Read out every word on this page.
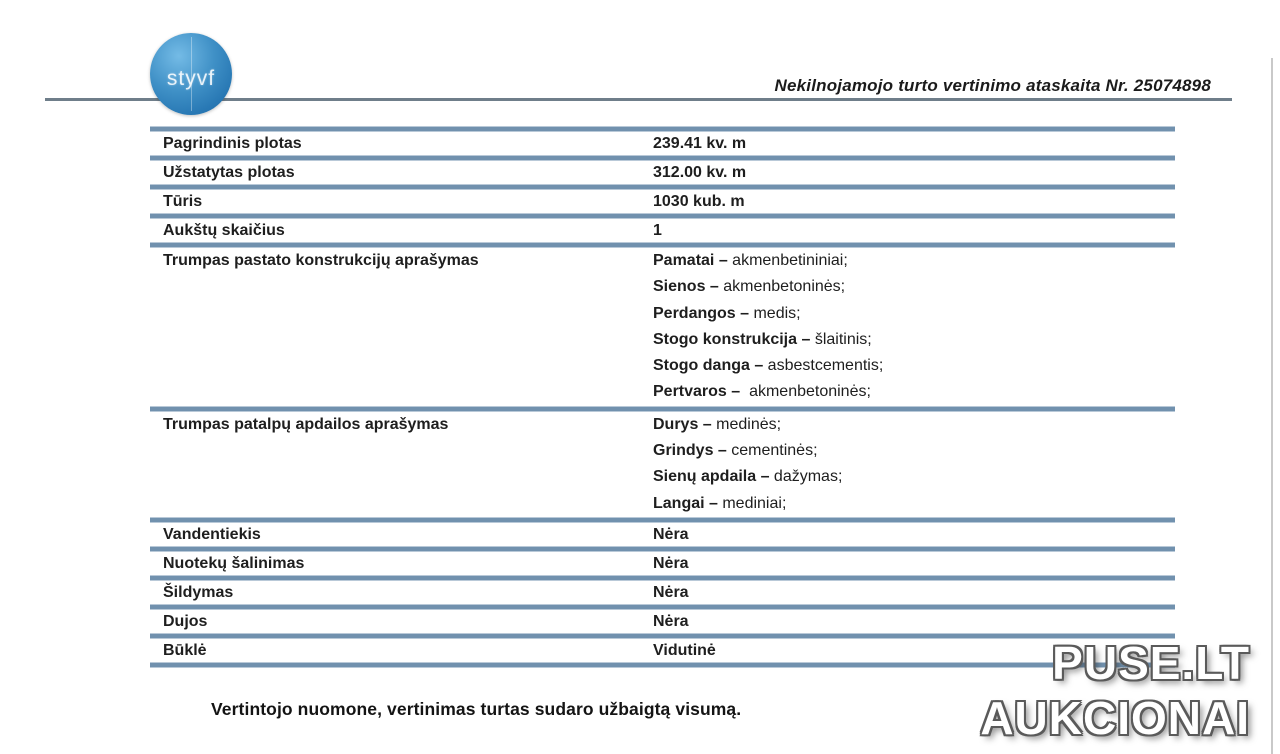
styvf	Nekilnojamojo turto vertinimo ataskaita Nr. 25074898
Pagrindinis plotas	239.41 kv. m
Užstatytas plotas	312.00 kv. m
Tūris	1030 kub. m
Aukštų skaičius	1
Trumpas pastato konstrukcijų aprašymas	Pamatai – akmenbetininiai;
Sienos – akmenbetoninės;
Perdangos – medis;
Stogo konstrukcija – šlaitinis;
Stogo danga – asbestcementis;
Pertvaros –  akmenbetoninės;
Trumpas patalpų apdailos aprašymas	Durys – medinės;
Grindys – cementinės;
Sienų apdaila – dažymas;
Langai – mediniai;
Vandentiekis	Nėra
Nuotekų šalinimas	Nėra
Šildymas	Nėra
Dujos	Nėra
Būklė	Vidutinė
Vertintojo nuomone, vertinimas turtas sudaro užbaigtą visumą.
PUSE.LT
AUKCIONAI
